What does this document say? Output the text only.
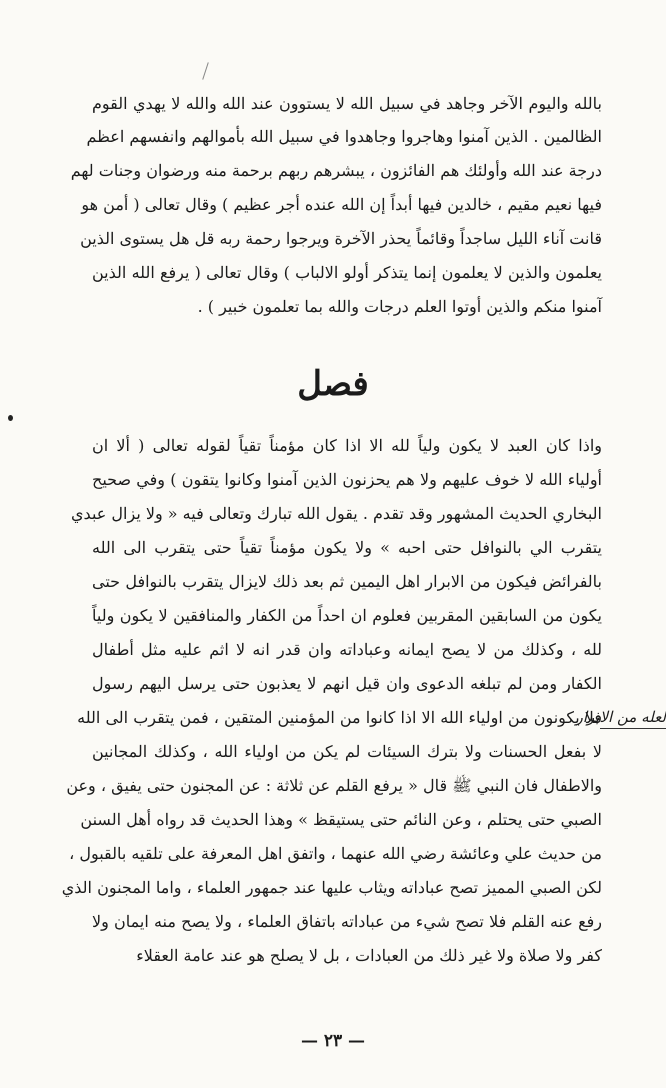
بالله واليوم الآخر وجاهد في سبيل الله لا يستوون عند الله والله لا يهدي القوم
الظالمين . الذين آمنوا وهاجروا وجاهدوا في سبيل الله بأموالهم وانفسهم اعظم
درجة عند الله وأولئك هم الفائزون ، يبشرهم ربهم برحمة منه ورضوان وجنات لهم
فيها نعيم مقيم ، خالدين فيها أبداً إن الله عنده أجر عظيم ) وقال تعالى ( أمن هو
قانت آناء الليل ساجداً وقائماً يحذر الآخرة ويرجوا رحمة ربه قل هل يستوى الذين
يعلمون والذين لا يعلمون إنما يتذكر أولو الالباب ) وقال تعالى ( يرفع الله الذين
آمنوا منكم والذين أوتوا العلم درجات والله بما تعلمون خبير ) .
فصل
واذا كان العبد لا يكون ولياً لله الا اذا كان مؤمناً تقياً لقوله تعالى ( ألا ان
أولياء الله لا خوف عليهم ولا هم يحزنون الذين آمنوا وكانوا يتقون ) وفي صحيح
البخاري الحديث المشهور وقد تقدم . يقول الله تبارك وتعالى فيه « ولا يزال عبدي
يتقرب الي بالنوافل حتى احبه » ولا يكون مؤمناً تقياً حتى يتقرب الى الله
بالفرائض فيكون من الابرار اهل اليمين ثم بعد ذلك لايزال يتقرب بالنوافل حتى
يكون من السابقين المقربين فعلوم ان احداً من الكفار والمنافقين لا يكون ولياً
لله ، وكذلك من لا يصح ايمانه وعباداته وان قدر انه لا اثم عليه مثل أطفال
الكفار ومن لم تبلغه الدعوى وان قيل انهم لا يعذبون حتى يرسل اليهم رسول
فلا يكونون من اولياء الله الا اذا كانوا من المؤمنين المتقين ، فمن يتقرب الى الله
لا بفعل الحسنات ولا بترك السيئات لم يكن من اولياء الله ، وكذلك المجانين
والاطفال فان النبي ﷺ قال « يرفع القلم عن ثلاثة : عن المجنون حتى يفيق ، وعن
الصبي حتى يحتلم ، وعن النائم حتى يستيقظ » وهذا الحديث قد رواه أهل السنن
من حديث علي وعائشة رضي الله عنهما ، واتفق اهل المعرفة على تلقيه بالقبول ،
لكن الصبي المميز تصح عباداته ويثاب عليها عند جمهور العلماء ، واما المجنون الذي
رفع عنه القلم فلا تصح شيء من عباداته باتفاق العلماء ، ولا يصح منه ايمان ولا
كفر ولا صلاة ولا غير ذلك من العبادات ، بل لا يصلح هو عند عامة العقلاء
لعله من الابرار
— ٢٣ —
